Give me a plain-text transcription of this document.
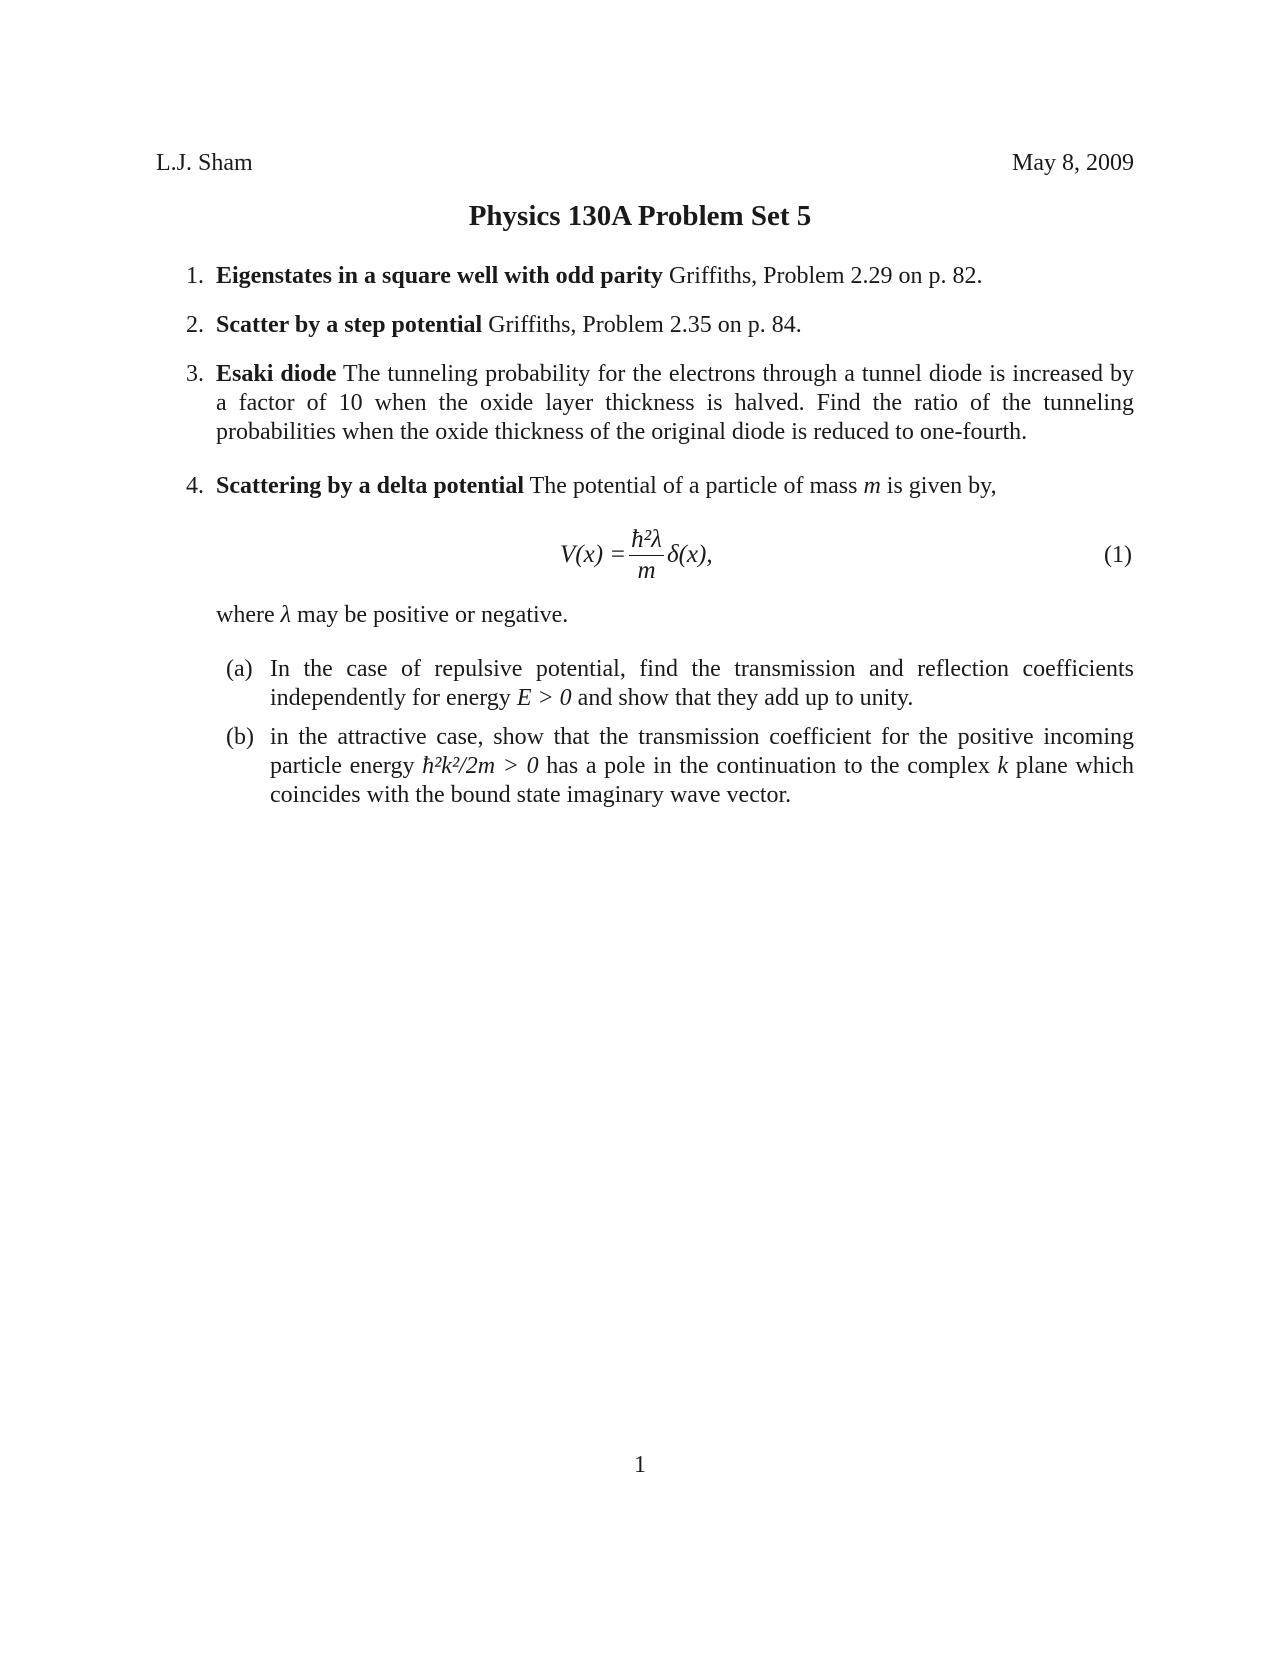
L.J. Sham	May 8, 2009
Physics 130A Problem Set 5
1. Eigenstates in a square well with odd parity Griffiths, Problem 2.29 on p. 82.
2. Scatter by a step potential Griffiths, Problem 2.35 on p. 84.
3. Esaki diode The tunneling probability for the electrons through a tunnel diode is increased by a factor of 10 when the oxide layer thickness is halved. Find the ratio of the tunneling probabilities when the oxide thickness of the original diode is reduced to one-fourth.
4. Scattering by a delta potential The potential of a particle of mass m is given by,
$V(x) = \frac{\text{ħ²λ}}{m} \delta(x)$,	(1)
where λ may be positive or negative.
(a) In the case of repulsive potential, find the transmission and reflection coefficients independently for energy E > 0 and show that they add up to unity.
(b) in the attractive case, show that the transmission coefficient for the positive incoming particle energy ħ²k²/2m > 0 has a pole in the continuation to the complex k plane which coincides with the bound state imaginary wave vector.
1
